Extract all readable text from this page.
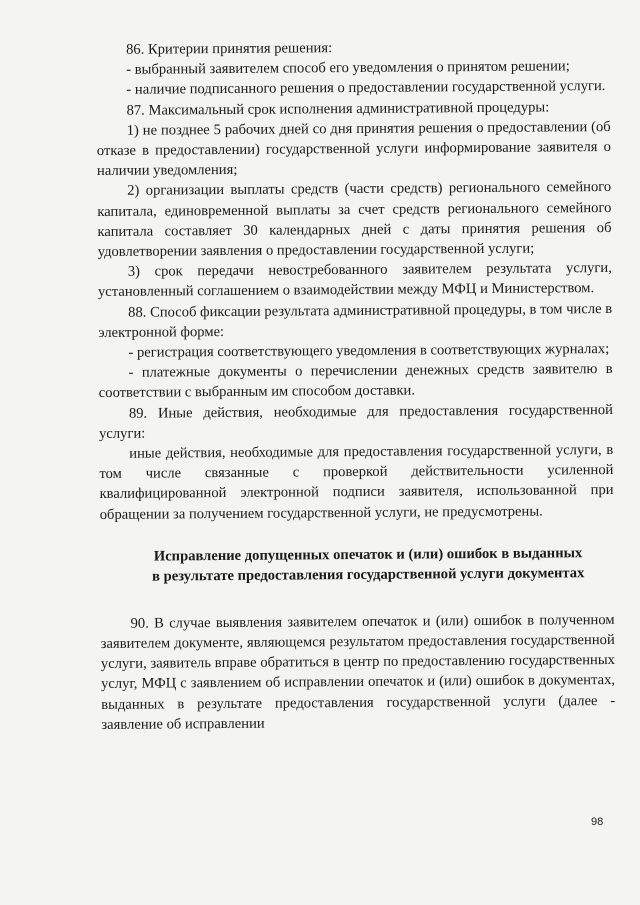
86. Критерии принятия решения:

- выбранный заявителем способ его уведомления о принятом решении;

- наличие подписанного решения о предоставлении государственной услуги.

87. Максимальный срок исполнения административной процедуры:

1) не позднее 5 рабочих дней со дня принятия решения о предоставлении (об отказе в предоставлении) государственной услуги информирование заявителя о наличии уведомления;

2) организации выплаты средств (части средств) регионального семейного капитала, единовременной выплаты за счет средств регионального семейного капитала составляет 30 календарных дней с даты принятия решения об удовлетворении заявления о предоставлении государственной услуги;

3) срок передачи невостребованного заявителем результата услуги, установленный соглашением о взаимодействии между МФЦ и Министерством.

88. Способ фиксации результата административной процедуры, в том числе в электронной форме:

- регистрация соответствующего уведомления в соответствующих журналах;

- платежные документы о перечислении денежных средств заявителю в соответствии с выбранным им способом доставки.

89. Иные действия, необходимые для предоставления государственной услуги:

иные действия, необходимые для предоставления государственной услуги, в том числе связанные с проверкой действительности усиленной квалифицированной электронной подписи заявителя, использованной при обращении за получением государственной услуги, не предусмотрены.

Исправление допущенных опечаток и (или) ошибок в выданных

в результате предоставления государственной услуги документах

90. В случае выявления заявителем опечаток и (или) ошибок в полученном заявителем документе, являющемся результатом предоставления государственной услуги, заявитель вправе обратиться в центр по предоставлению государственных услуг, МФЦ с заявлением об исправлении опечаток и (или) ошибок в документах, выданных в результате предоставления государственной услуги (далее - заявление об исправлении

98
